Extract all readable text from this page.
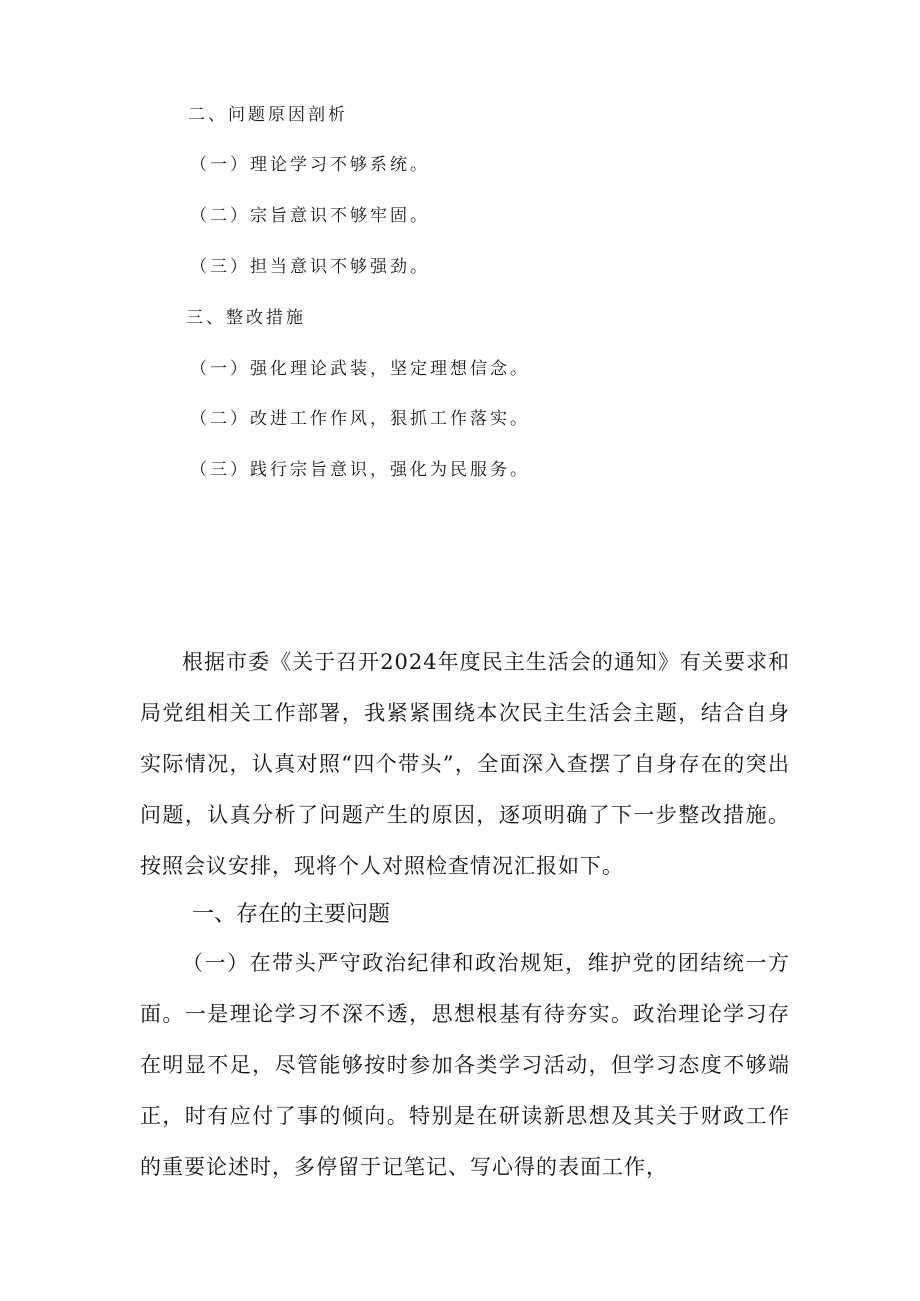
二、问题原因剖析
（一）理论学习不够系统。
（二）宗旨意识不够牢固。
（三）担当意识不够强劲。
三、整改措施
（一）强化理论武装，坚定理想信念。
（二）改进工作作风，狠抓工作落实。
（三）践行宗旨意识，强化为民服务。

根据市委《关于召开2024年度民主生活会的通知》有关要求和局党组相关工作部署，我紧紧围绕本次民主生活会主题，结合自身实际情况，认真对照“四个带头”，全面深入查摆了自身存在的突出问题，认真分析了问题产生的原因，逐项明确了下一步整改措施。按照会议安排，现将个人对照检查情况汇报如下。

一、存在的主要问题

（一）在带头严守政治纪律和政治规矩，维护党的团结统一方面。一是理论学习不深不透，思想根基有待夯实。政治理论学习存在明显不足，尽管能够按时参加各类学习活动，但学习态度不够端正，时有应付了事的倾向。特别是在研读新思想及其关于财政工作的重要论述时，多停留于记笔记、写心得的表面工作，
